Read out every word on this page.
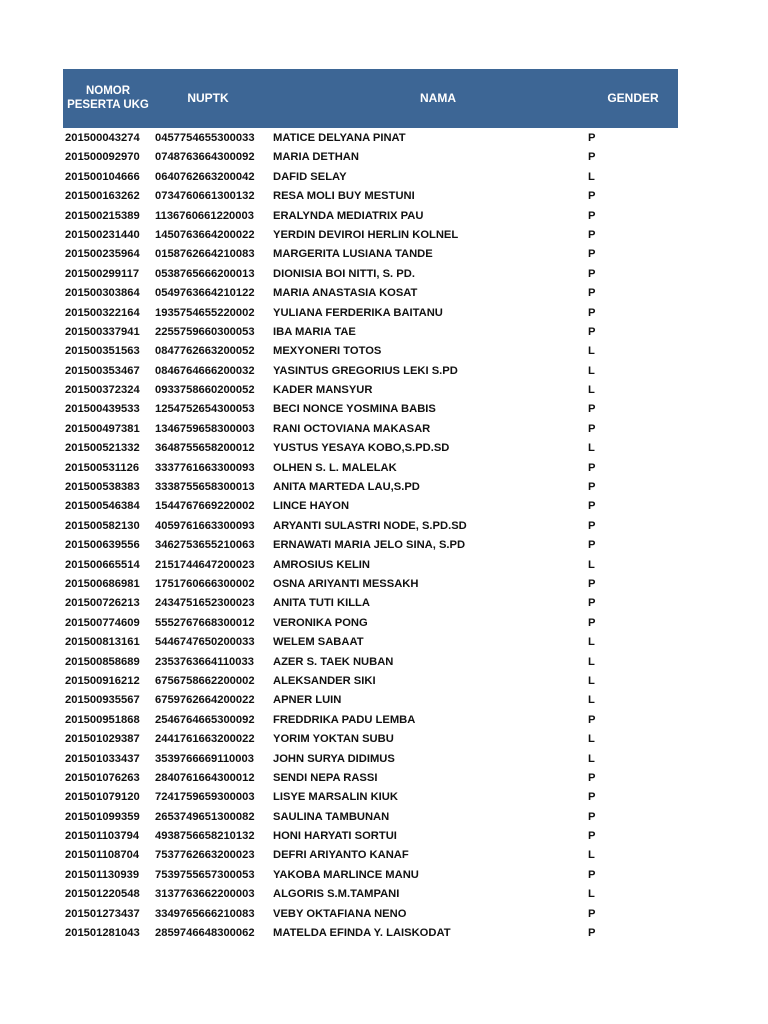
NOMOR
PESERTA UKG	NUPTK	NAMA	GENDER
201500043274	0457754655300033	MATICE DELYANA PINAT	P
201500092970	0748763664300092	MARIA DETHAN	P
201500104666	0640762663200042	DAFID SELAY	L
201500163262	0734760661300132	RESA MOLI BUY MESTUNI	P
201500215389	1136760661220003	ERALYNDA MEDIATRIX PAU	P
201500231440	1450763664200022	YERDIN DEVIROI HERLIN KOLNEL	P
201500235964	0158762664210083	MARGERITA LUSIANA TANDE	P
201500299117	0538765666200013	DIONISIA BOI NITTI, S. PD.	P
201500303864	0549763664210122	MARIA ANASTASIA KOSAT	P
201500322164	1935754655220002	YULIANA FERDERIKA BAITANU	P
201500337941	2255759660300053	IBA MARIA TAE	P
201500351563	0847762663200052	MEXYONERI TOTOS	L
201500353467	0846764666200032	YASINTUS GREGORIUS LEKI S.PD	L
201500372324	0933758660200052	KADER MANSYUR	L
201500439533	1254752654300053	BECI NONCE YOSMINA BABIS	P
201500497381	1346759658300003	RANI OCTOVIANA MAKASAR	P
201500521332	3648755658200012	YUSTUS YESAYA KOBO,S.PD.SD	L
201500531126	3337761663300093	OLHEN S. L. MALELAK	P
201500538383	3338755658300013	ANITA MARTEDA LAU,S.PD	P
201500546384	1544767669220002	LINCE HAYON	P
201500582130	4059761663300093	ARYANTI SULASTRI NODE, S.PD.SD	P
201500639556	3462753655210063	ERNAWATI MARIA JELO SINA, S.PD	P
201500665514	2151744647200023	AMROSIUS KELIN	L
201500686981	1751760666300002	OSNA ARIYANTI MESSAKH	P
201500726213	2434751652300023	ANITA TUTI KILLA	P
201500774609	5552767668300012	VERONIKA PONG	P
201500813161	5446747650200033	WELEM SABAAT	L
201500858689	2353763664110033	AZER S. TAEK NUBAN	L
201500916212	6756758662200002	ALEKSANDER SIKI	L
201500935567	6759762664200022	APNER LUIN	L
201500951868	2546764665300092	FREDDRIKA PADU LEMBA	P
201501029387	2441761663200022	YORIM YOKTAN SUBU	L
201501033437	3539766669110003	JOHN SURYA DIDIMUS	L
201501076263	2840761664300012	SENDI NEPA RASSI	P
201501079120	7241759659300003	LISYE MARSALIN KIUK	P
201501099359	2653749651300082	SAULINA TAMBUNAN	P
201501103794	4938756658210132	HONI HARYATI SORTUI	P
201501108704	7537762663200023	DEFRI ARIYANTO KANAF	L
201501130939	7539755657300053	YAKOBA MARLINCE MANU	P
201501220548	3137763662200003	ALGORIS S.M.TAMPANI	L
201501273437	3349765666210083	VEBY OKTAFIANA NENO	P
201501281043	2859746648300062	MATELDA EFINDA Y. LAISKODAT	P
